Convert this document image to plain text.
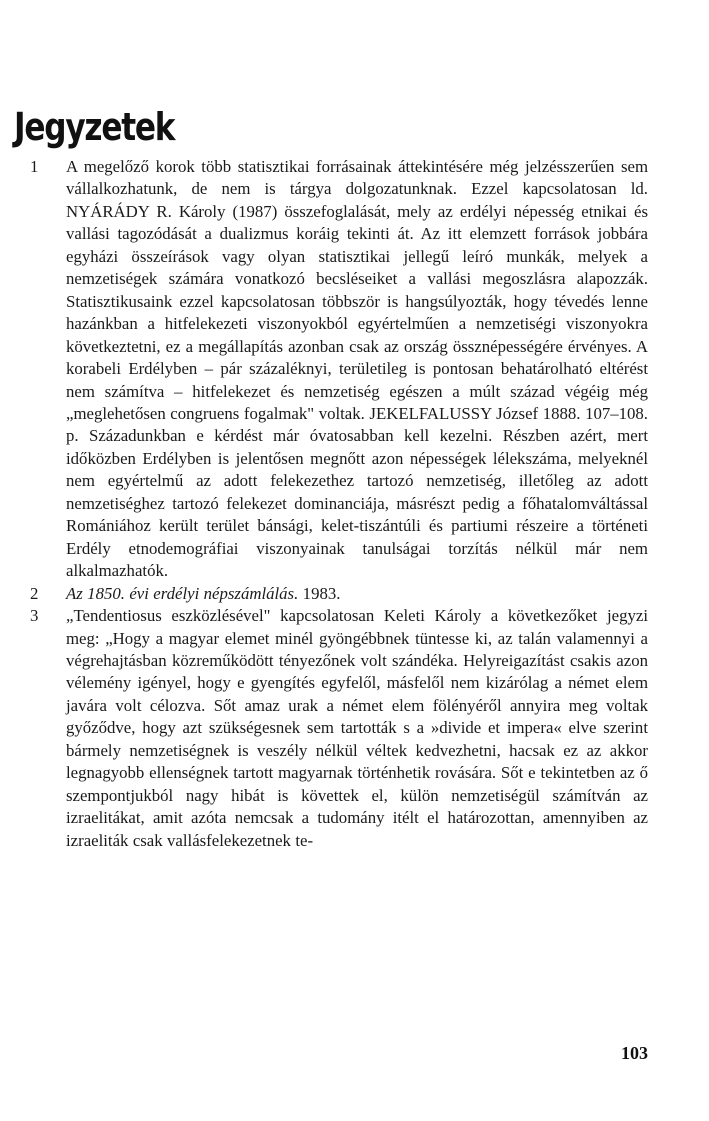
Jegyzetek
1	A megelőző korok több statisztikai forrásainak áttekintésére még jelzésszerűen sem vállalkozhatunk, de nem is tárgya dolgozatunknak. Ezzel kapcsolatosan ld. NYÁRÁDY R. Károly (1987) összefoglalását, mely az erdélyi népesség etnikai és vallási tagozódását a dualizmus koráig tekinti át. Az itt elemzett források jobbára egyházi összeírások vagy olyan statisztikai jellegű leíró munkák, melyek a nemzetiségek számára vonatkozó becsléseiket a vallási megoszlásra alapozzák. Statisztikusaink ezzel kapcsolatosan többször is hangsúlyozták, hogy tévedés lenne hazánkban a hitfelekezeti viszonyokból egyértelműen a nemzetiségi viszonyokra következtetni, ez a megállapítás azonban csak az ország össznépességére érvényes. A korabeli Erdélyben – pár százaléknyi, területileg is pontosan behatárolható eltérést nem számítva – hitfelekezet és nemzetiség egészen a múlt század végéig még „meglehetősen congruens fogalmak" voltak. JEKELFALUSSY József 1888. 107–108. p. Századunkban e kérdést már óvatosabban kell kezelni. Részben azért, mert időközben Erdélyben is jelentősen megnőtt azon népességek lélekszáma, melyeknél nem egyértelmű az adott felekezethez tartozó nemzetiség, illetőleg az adott nemzetiséghez tartozó felekezet dominanciája, másrészt pedig a főhatalomváltással Romániához került terület bánsági, kelet-tiszántúli és partiumi részeire a történeti Erdély etnodemográfiai viszonyainak tanulságai torzítás nélkül már nem alkalmazhatók.
2	Az 1850. évi erdélyi népszámlálás. 1983.
3	„Tendentiosus eszközlésével" kapcsolatosan Keleti Károly a következőket jegyzi meg: „Hogy a magyar elemet minél gyöngébbnek tüntesse ki, az talán valamennyi a végrehajtásban közreműködött tényezőnek volt szándéka. Helyreigazítást csakis azon vélemény igényel, hogy e gyengítés egyfelől, másfelől nem kizárólag a német elem javára volt célozva. Sőt amaz urak a német elem fölényéről annyira meg voltak győződve, hogy azt szükségesnek sem tartották s a »divide et impera« elve szerint bármely nemzetiségnek is veszély nélkül véltek kedvezhetni, hacsak ez az akkor legnagyobb ellenségnek tartott magyarnak történhetik rovására. Sőt e tekintetben az ő szempontjukból nagy hibát is követtek el, külön nemzetiségül számítván az izraelitákat, amit azóta nemcsak a tudomány itélt el határozottan, amennyiben az izraeliták csak vallásfelekezetnek te-
103
